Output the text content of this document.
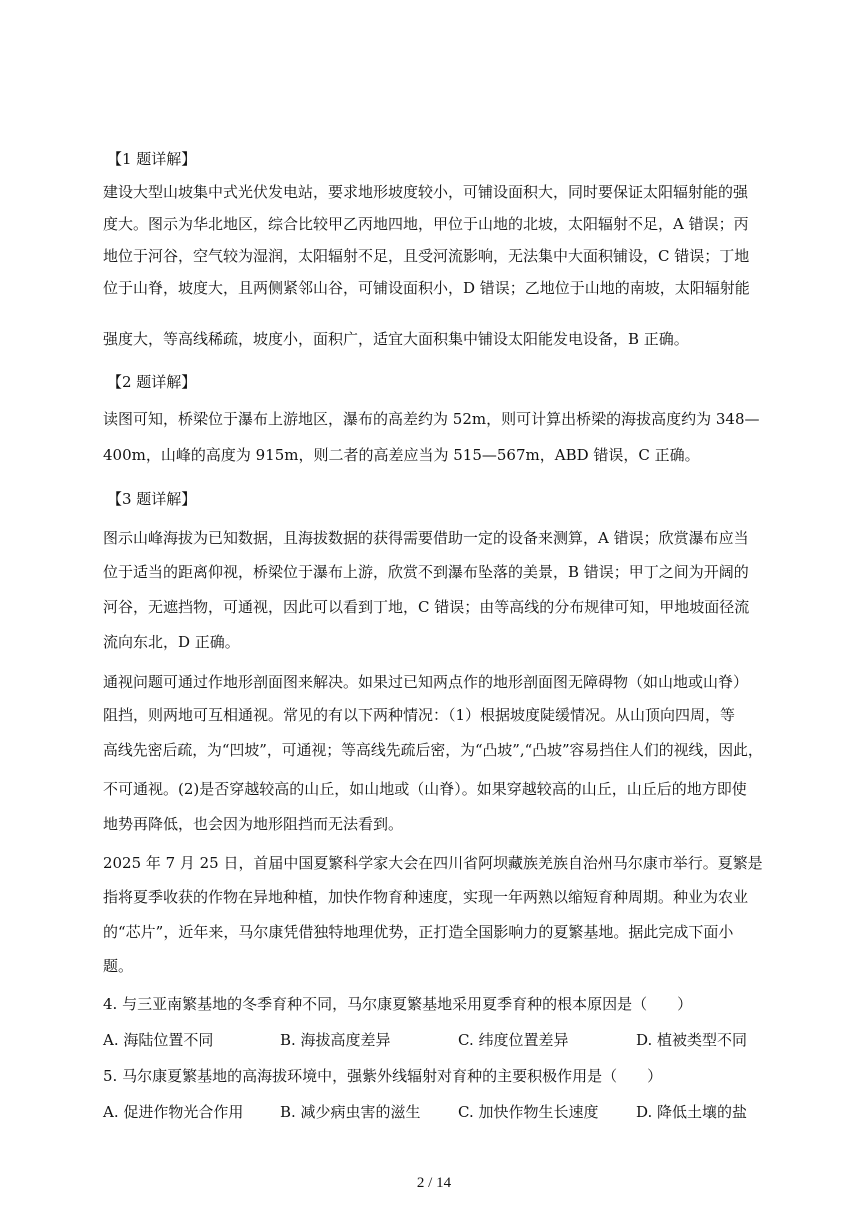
【1 题详解】
建设大型山坡集中式光伏发电站，要求地形坡度较小，可铺设面积大，同时要保证太阳辐射能的强
度大。图示为华北地区，综合比较甲乙丙地四地，甲位于山地的北坡，太阳辐射不足，A 错误；丙
地位于河谷，空气较为湿润，太阳辐射不足，且受河流影响，无法集中大面积铺设，C 错误；丁地
位于山脊，坡度大，且两侧紧邻山谷，可铺设面积小，D 错误；乙地位于山地的南坡，太阳辐射能
强度大，等高线稀疏，坡度小，面积广，适宜大面积集中铺设太阳能发电设备，B 正确。
【2 题详解】
读图可知，桥梁位于瀑布上游地区，瀑布的高差约为 52m，则可计算出桥梁的海拔高度约为 348—
400m，山峰的高度为 915m，则二者的高差应当为 515—567m，ABD 错误，C 正确。
【3 题详解】
图示山峰海拔为已知数据，且海拔数据的获得需要借助一定的设备来测算，A 错误；欣赏瀑布应当
位于适当的距离仰视，桥梁位于瀑布上游，欣赏不到瀑布坠落的美景，B 错误；甲丁之间为开阔的
河谷，无遮挡物，可通视，因此可以看到丁地，C 错误；由等高线的分布规律可知，甲地坡面径流
流向东北，D 正确。
通视问题可通过作地形剖面图来解决。如果过已知两点作的地形剖面图无障碍物（如山地或山脊）
阻挡，则两地可互相通视。常见的有以下两种情况：（1）根据坡度陡缓情况。从山顶向四周，等
高线先密后疏，为“凹坡”，可通视；等高线先疏后密，为“凸坡”,“凸坡”容易挡住人们的视线，因此，
不可通视。(2)是否穿越较高的山丘，如山地或（山脊）。如果穿越较高的山丘，山丘后的地方即使
地势再降低，也会因为地形阻挡而无法看到。
2025 年 7 月 25 日，首届中国夏繁科学家大会在四川省阿坝藏族羌族自治州马尔康市举行。夏繁是
指将夏季收获的作物在异地种植，加快作物育种速度，实现一年两熟以缩短育种周期。种业为农业
的“芯片”，近年来，马尔康凭借独特地理优势，正打造全国影响力的夏繁基地。据此完成下面小
题。
4. 与三亚南繁基地的冬季育种不同，马尔康夏繁基地采用夏季育种的根本原因是（　　）
A. 海陆位置不同	B. 海拔高度差异	C. 纬度位置差异	D. 植被类型不同
5. 马尔康夏繁基地的高海拔环境中，强紫外线辐射对育种的主要积极作用是（　　）
A. 促进作物光合作用 B. 减少病虫害的滋生 C. 加快作物生长速度	D. 降低土壤的盐
2 / 14
